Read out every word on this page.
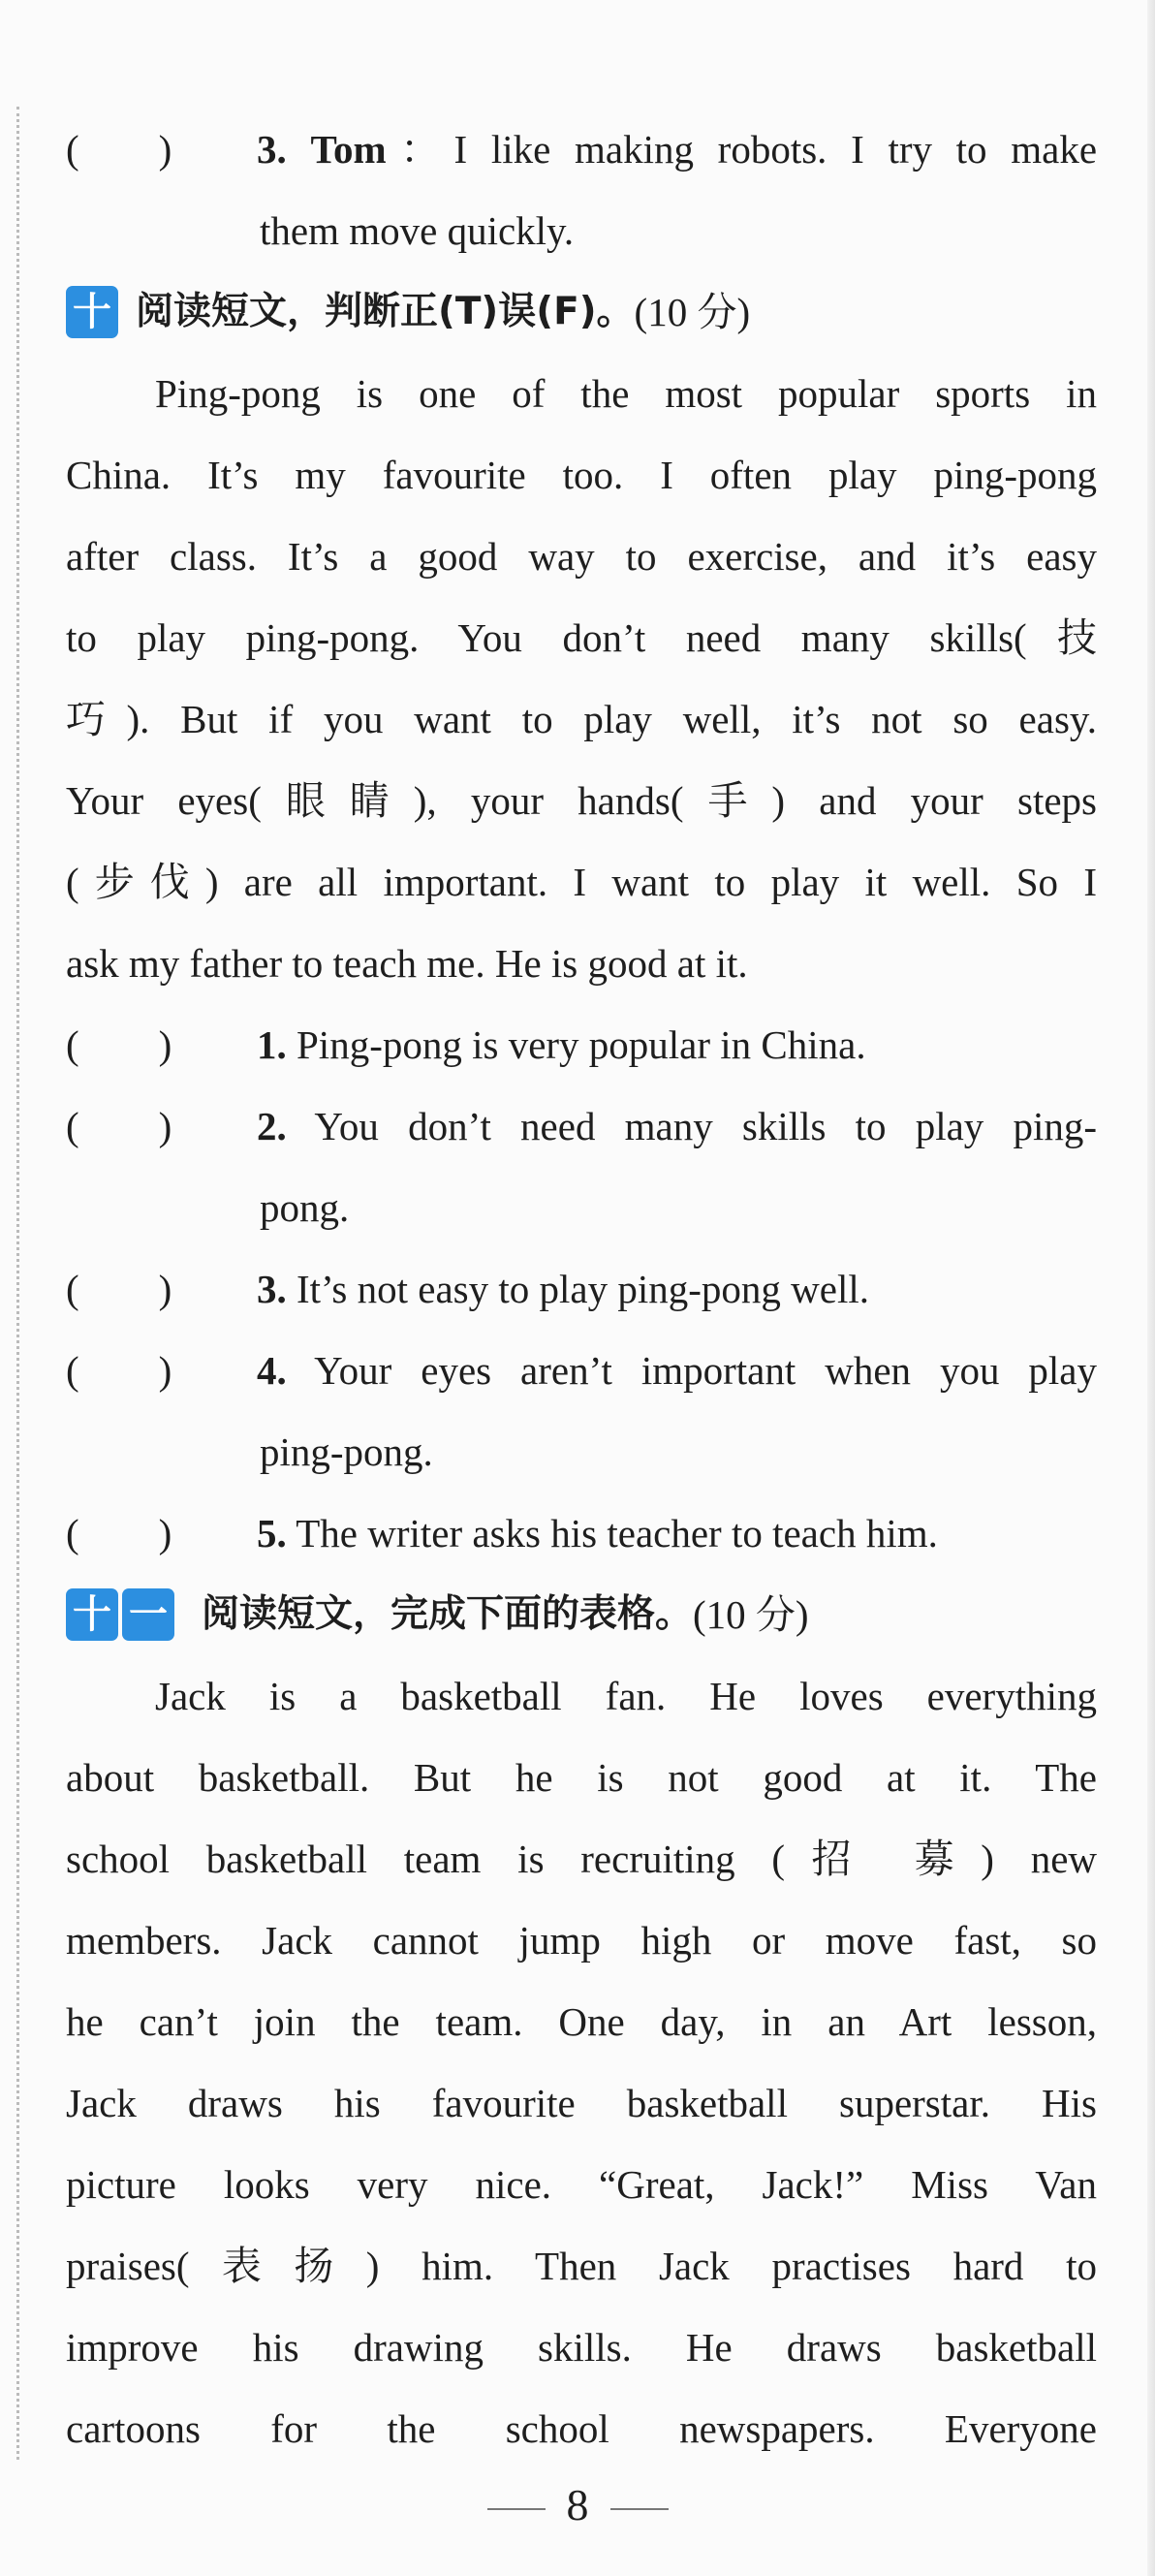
(　　)	3. Tom：I like making robots. I try to make
them move quickly.
十 阅读短文，判断正(T)误(F)。 (10 分)
Ping-pong is one of the most popular sports in
China. It’s my favourite too. I often play ping-pong
after class. It’s a good way to exercise, and it’s easy
to play ping-pong. You don’t need many skills(技
巧). But if you want to play well, it’s not so easy.
Your eyes(眼睛), your hands(手) and your steps
(步伐) are all important. I want to play it well. So I
ask my father to teach me. He is good at it.
(　　)	1. Ping-pong is very popular in China.
(　　)	2. You don’t need many skills to play ping-
pong.
(　　)	3. It’s not easy to play ping-pong well.
(　　)	4. Your eyes aren’t important when you play
ping-pong.
(　　)	5. The writer asks his teacher to teach him.
十 一 阅读短文，完成下面的表格。 (10 分)
Jack is a basketball fan. He loves everything
about basketball. But he is not good at it. The
school basketball team is recruiting (招 募) new
members. Jack cannot jump high or move fast, so
he can’t join the team. One day, in an Art lesson,
Jack draws his favourite basketball superstar. His
picture looks very nice. “Great, Jack!” Miss Van
praises(表扬) him. Then Jack practises hard to
improve his drawing skills. He draws basketball
cartoons for the school newspapers. Everyone
8
